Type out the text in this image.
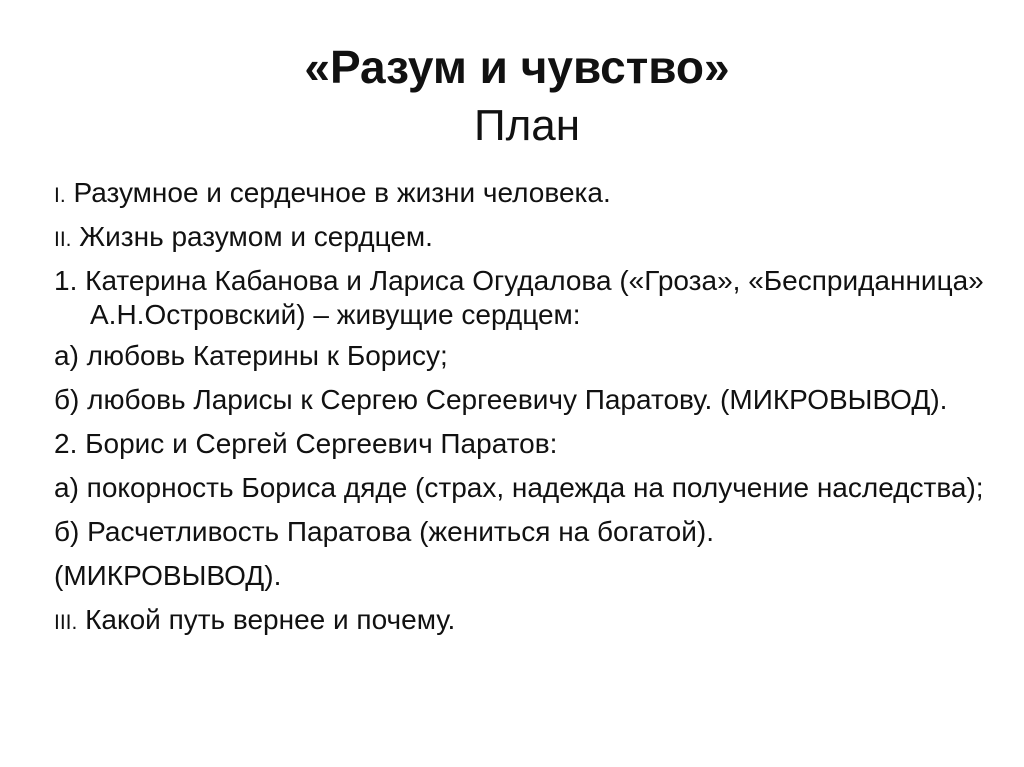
«Разум и чувство»
План
I. Разумное и сердечное в жизни человека.
II. Жизнь разумом и сердцем.
1. Катерина Кабанова и Лариса Огудалова («Гроза», «Бесприданница» А.Н.Островский) – живущие сердцем:
а) любовь Катерины к Борису;
б) любовь Ларисы к Сергею Сергеевичу Паратову. (МИКРОВЫВОД).
2. Борис и Сергей Сергеевич Паратов:
а) покорность Бориса дяде (страх, надежда на получение наследства);
б) Расчетливость Паратова (жениться на богатой).
(МИКРОВЫВОД).
III. Какой путь вернее и почему.
